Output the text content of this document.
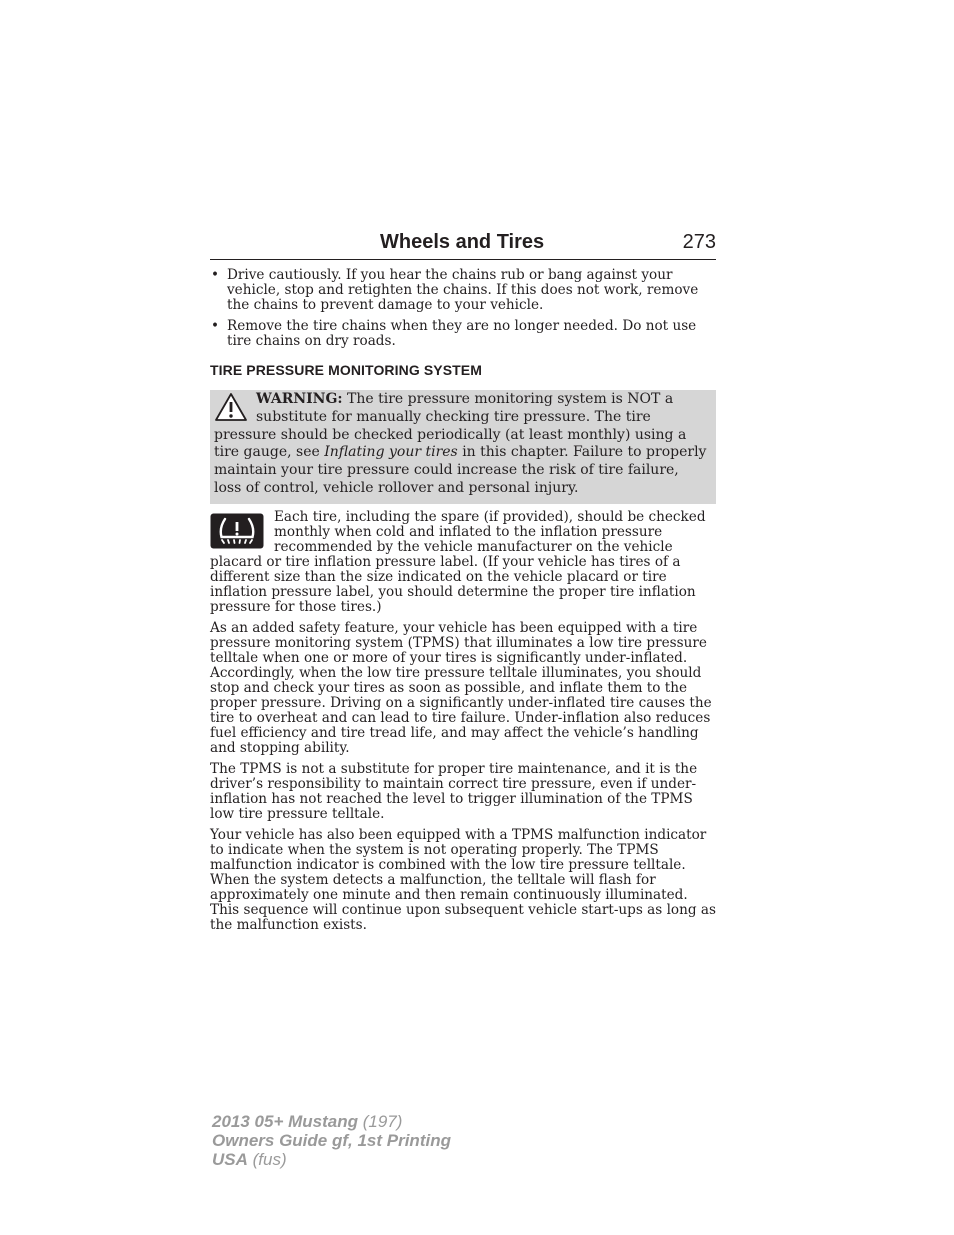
Wheels and Tires	273
• Drive cautiously. If you hear the chains rub or bang against your vehicle, stop and retighten the chains. If this does not work, remove the chains to prevent damage to your vehicle.
• Remove the tire chains when they are no longer needed. Do not use tire chains on dry roads.
TIRE PRESSURE MONITORING SYSTEM
WARNING: The tire pressure monitoring system is NOT a substitute for manually checking tire pressure. The tire pressure should be checked periodically (at least monthly) using a tire gauge, see Inflating your tires in this chapter. Failure to properly maintain your tire pressure could increase the risk of tire failure, loss of control, vehicle rollover and personal injury.

Each tire, including the spare (if provided), should be checked monthly when cold and inflated to the inflation pressure recommended by the vehicle manufacturer on the vehicle placard or tire inflation pressure label. (If your vehicle has tires of a different size than the size indicated on the vehicle placard or tire inflation pressure label, you should determine the proper tire inflation pressure for those tires.)

As an added safety feature, your vehicle has been equipped with a tire pressure monitoring system (TPMS) that illuminates a low tire pressure telltale when one or more of your tires is significantly under-inflated. Accordingly, when the low tire pressure telltale illuminates, you should stop and check your tires as soon as possible, and inflate them to the proper pressure. Driving on a significantly under-inflated tire causes the tire to overheat and can lead to tire failure. Under-inflation also reduces fuel efficiency and tire tread life, and may affect the vehicle’s handling and stopping ability.

The TPMS is not a substitute for proper tire maintenance, and it is the driver’s responsibility to maintain correct tire pressure, even if under-inflation has not reached the level to trigger illumination of the TPMS low tire pressure telltale.

Your vehicle has also been equipped with a TPMS malfunction indicator to indicate when the system is not operating properly. The TPMS malfunction indicator is combined with the low tire pressure telltale. When the system detects a malfunction, the telltale will flash for approximately one minute and then remain continuously illuminated. This sequence will continue upon subsequent vehicle start-ups as long as the malfunction exists.

2013 05+ Mustang (197)
Owners Guide gf, 1st Printing
USA (fus)
